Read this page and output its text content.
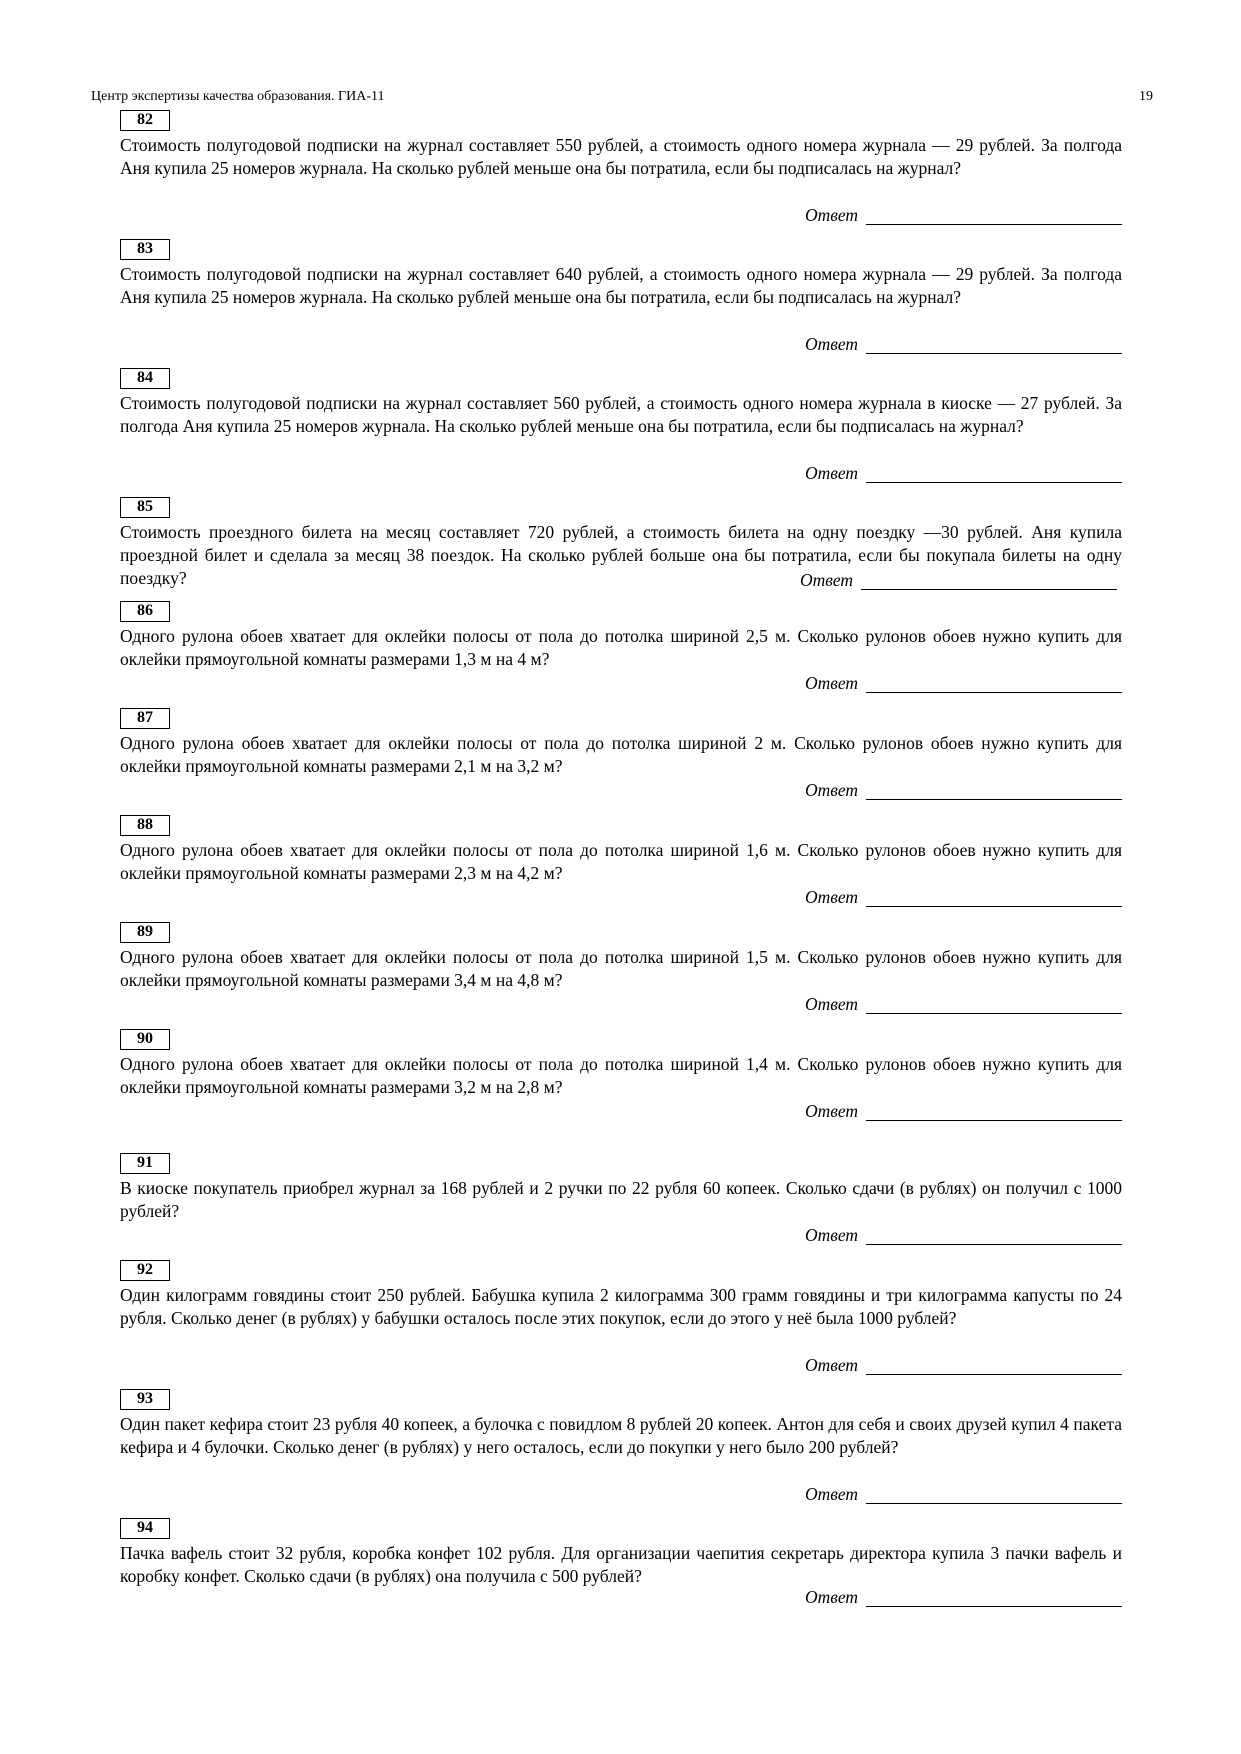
Центр экспертизы качества образования. ГИА-11	19
82
Стоимость полугодовой подписки на журнал составляет 550 рублей, а стоимость одного номера журнала — 29 рублей. За полгода Аня купила 25 номеров журнала. На сколько рублей меньше она бы потратила, если бы подписалась на журнал?
Ответ
83
Стоимость полугодовой подписки на журнал составляет 640 рублей, а стоимость одного номера журнала — 29 рублей. За полгода Аня купила 25 номеров журнала. На сколько рублей меньше она бы потратила, если бы подписалась на журнал?
Ответ
84
Стоимость полугодовой подписки на журнал составляет 560 рублей, а стоимость одного номера журнала в киоске — 27 рублей. За полгода Аня купила 25 номеров журнала. На сколько рублей меньше она бы потратила, если бы подписалась на журнал?
Ответ
85
Стоимость проездного билета на месяц составляет 720 рублей, а стоимость билета на одну поездку —30 рублей. Аня купила проездной билет и сделала за месяц 38 поездок. На сколько рублей больше она бы потратила, если бы покупала билеты на одну поездку?	Ответ
86
Одного рулона обоев хватает для оклейки полосы от пола до потолка шириной 2,5 м. Сколько рулонов обоев нужно купить для оклейки прямоугольной комнаты размерами 1,3 м на 4 м?
Ответ
87
Одного рулона обоев хватает для оклейки полосы от пола до потолка шириной 2 м. Сколько рулонов обоев нужно купить для оклейки прямоугольной комнаты размерами 2,1 м на 3,2 м?
Ответ
88
Одного рулона обоев хватает для оклейки полосы от пола до потолка шириной 1,6 м. Сколько рулонов обоев нужно купить для оклейки прямоугольной комнаты размерами 2,3 м на 4,2 м?
Ответ
89
Одного рулона обоев хватает для оклейки полосы от пола до потолка шириной 1,5 м. Сколько рулонов обоев нужно купить для оклейки прямоугольной комнаты размерами 3,4 м на 4,8 м?
Ответ
90
Одного рулона обоев хватает для оклейки полосы от пола до потолка шириной 1,4 м. Сколько рулонов обоев нужно купить для оклейки прямоугольной комнаты размерами 3,2 м на 2,8 м?
Ответ
91
В киоске покупатель приобрел журнал за 168 рублей и 2 ручки по 22 рубля 60 копеек. Сколько сдачи (в рублях) он получил с 1000 рублей?
Ответ
92
Один килограмм говядины стоит 250 рублей. Бабушка купила 2 килограмма 300 грамм говядины и три килограмма капусты по 24 рубля. Сколько денег (в рублях) у бабушки осталось после этих покупок, если до этого у неё была 1000 рублей?
Ответ
93
Один пакет кефира стоит 23 рубля 40 копеек, а булочка с повидлом 8 рублей 20 копеек. Антон для себя и своих друзей купил 4 пакета кефира и 4 булочки. Сколько денег (в рублях) у него осталось, если до покупки у него было 200 рублей?
Ответ
94
Пачка вафель стоит 32 рубля, коробка конфет 102 рубля. Для организации чаепития секретарь директора купила 3 пачки вафель и коробку конфет. Сколько сдачи (в рублях) она получила с 500 рублей?
Ответ
